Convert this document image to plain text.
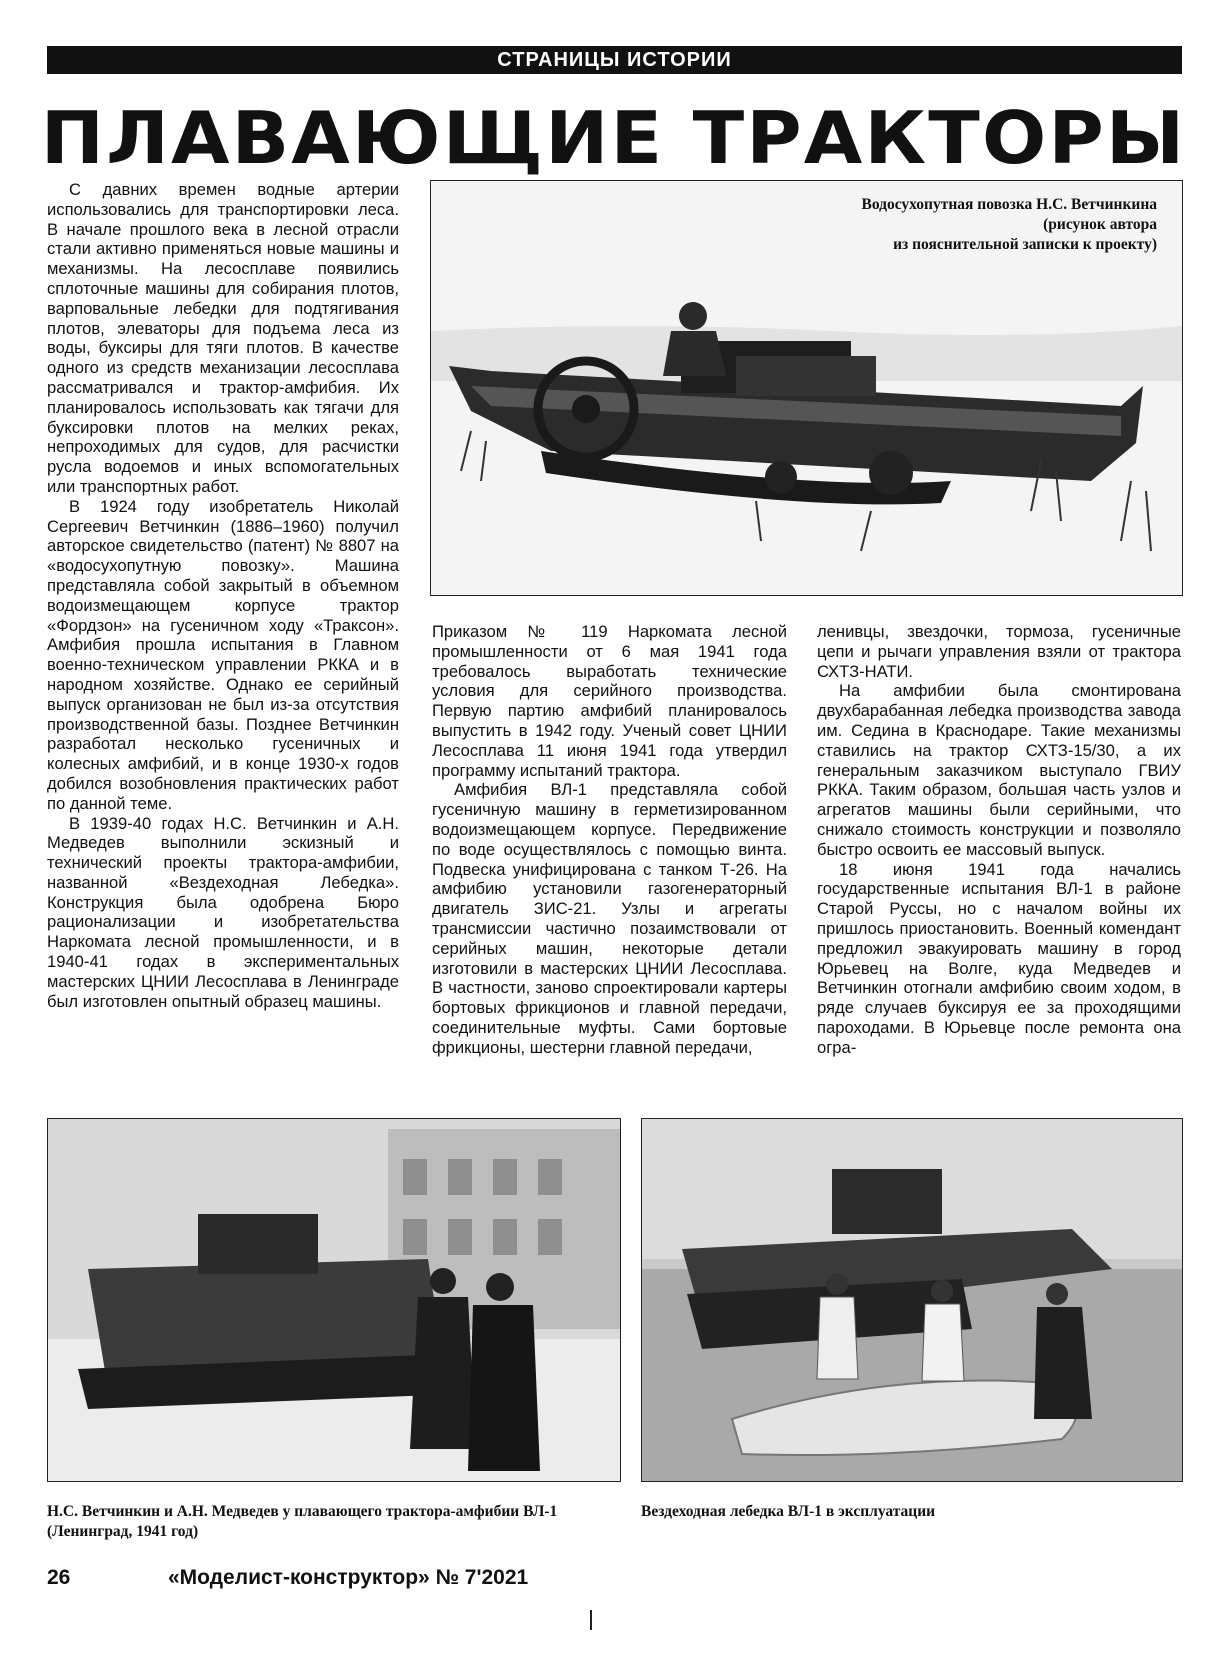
СТРАНИЦЫ ИСТОРИИ
ПЛАВАЮЩИЕ ТРАКТОРЫ

С давних времен водные артерии использовались для транспортировки леса. В начале прошлого века в лесной отрасли стали активно применяться новые машины и механизмы. На лесосплаве появились сплоточные машины для собирания плотов, варповальные лебедки для подтягивания плотов, элеваторы для подъема леса из воды, буксиры для тяги плотов. В качестве одного из средств механизации лесосплава рассматривался и трактор-амфибия. Их планировалось использовать как тягачи для буксировки плотов на мелких реках, непроходимых для судов, для расчистки русла водоемов и иных вспомогательных или транспортных работ.

В 1924 году изобретатель Николай Сергеевич Ветчинкин (1886–1960) получил авторское свидетельство (патент) № 8807 на «водосухопутную повозку». Машина представляла собой закрытый в объемном водоизмещающем корпусе трактор «Фордзон» на гусеничном ходу «Траксон». Амфибия прошла испытания в Главном военно-техническом управлении РККА и в народном хозяйстве. Однако ее серийный выпуск организован не был из-за отсутствия производственной базы. Позднее Ветчинкин разработал несколько гусеничных и колесных амфибий, и в конце 1930-х годов добился возобновления практических работ по данной теме.

В 1939-40 годах Н.С. Ветчинкин и А.Н. Медведев выполнили эскизный и технический проекты трактора-амфибии, названной «Вездеходная Лебедка». Конструкция была одобрена Бюро рационализации и изобретательства Наркомата лесной промышленности, и в 1940-41 годах в экспериментальных мастерских ЦНИИ Лесосплава в Ленинграде был изготовлен опытный образец машины.

Водосухопутная повозка Н.С. Ветчинкина
(рисунок автора
из пояснительной записки к проекту)

Приказом № 119 Наркомата лесной промышленности от 6 мая 1941 года требовалось выработать технические условия для серийного производства. Первую партию амфибий планировалось выпустить в 1942 году. Ученый совет ЦНИИ Лесосплава 11 июня 1941 года утвердил программу испытаний трактора.

Амфибия ВЛ-1 представляла собой гусеничную машину в герметизированном водоизмещающем корпусе. Передвижение по воде осуществлялось с помощью винта. Подвеска унифицирована с танком Т-26. На амфибию установили газогенераторный двигатель ЗИС-21. Узлы и агрегаты трансмиссии частично позаимствовали от серийных машин, некоторые детали изготовили в мастерских ЦНИИ Лесосплава. В частности, заново спроектировали картеры бортовых фрикционов и главной передачи, соединительные муфты. Сами бортовые фрикционы, шестерни главной передачи,

ленивцы, звездочки, тормоза, гусеничные цепи и рычаги управления взяли от трактора СХТЗ-НАТИ.

На амфибии была смонтирована двухбарабанная лебедка производства завода им. Седина в Краснодаре. Такие механизмы ставились на трактор СХТЗ-15/30, а их генеральным заказчиком выступало ГВИУ РККА. Таким образом, большая часть узлов и агрегатов машины были серийными, что снижало стоимость конструкции и позволяло быстро освоить ее массовый выпуск.

18 июня 1941 года начались государственные испытания ВЛ-1 в районе Старой Руссы, но с началом войны их пришлось приостановить. Военный комендант предложил эвакуировать машину в город Юрьевец на Волге, куда Медведев и Ветчинкин отогнали амфибию своим ходом, в ряде случаев буксируя ее за проходящими пароходами. В Юрьевце после ремонта она огра-

Н.С. Ветчинкин и А.Н. Медведев у плавающего трактора-амфибии ВЛ-1 (Ленинград, 1941 год)
Вездеходная лебедка ВЛ-1 в эксплуатации
26	«Моделист-конструктор» № 7'2021
